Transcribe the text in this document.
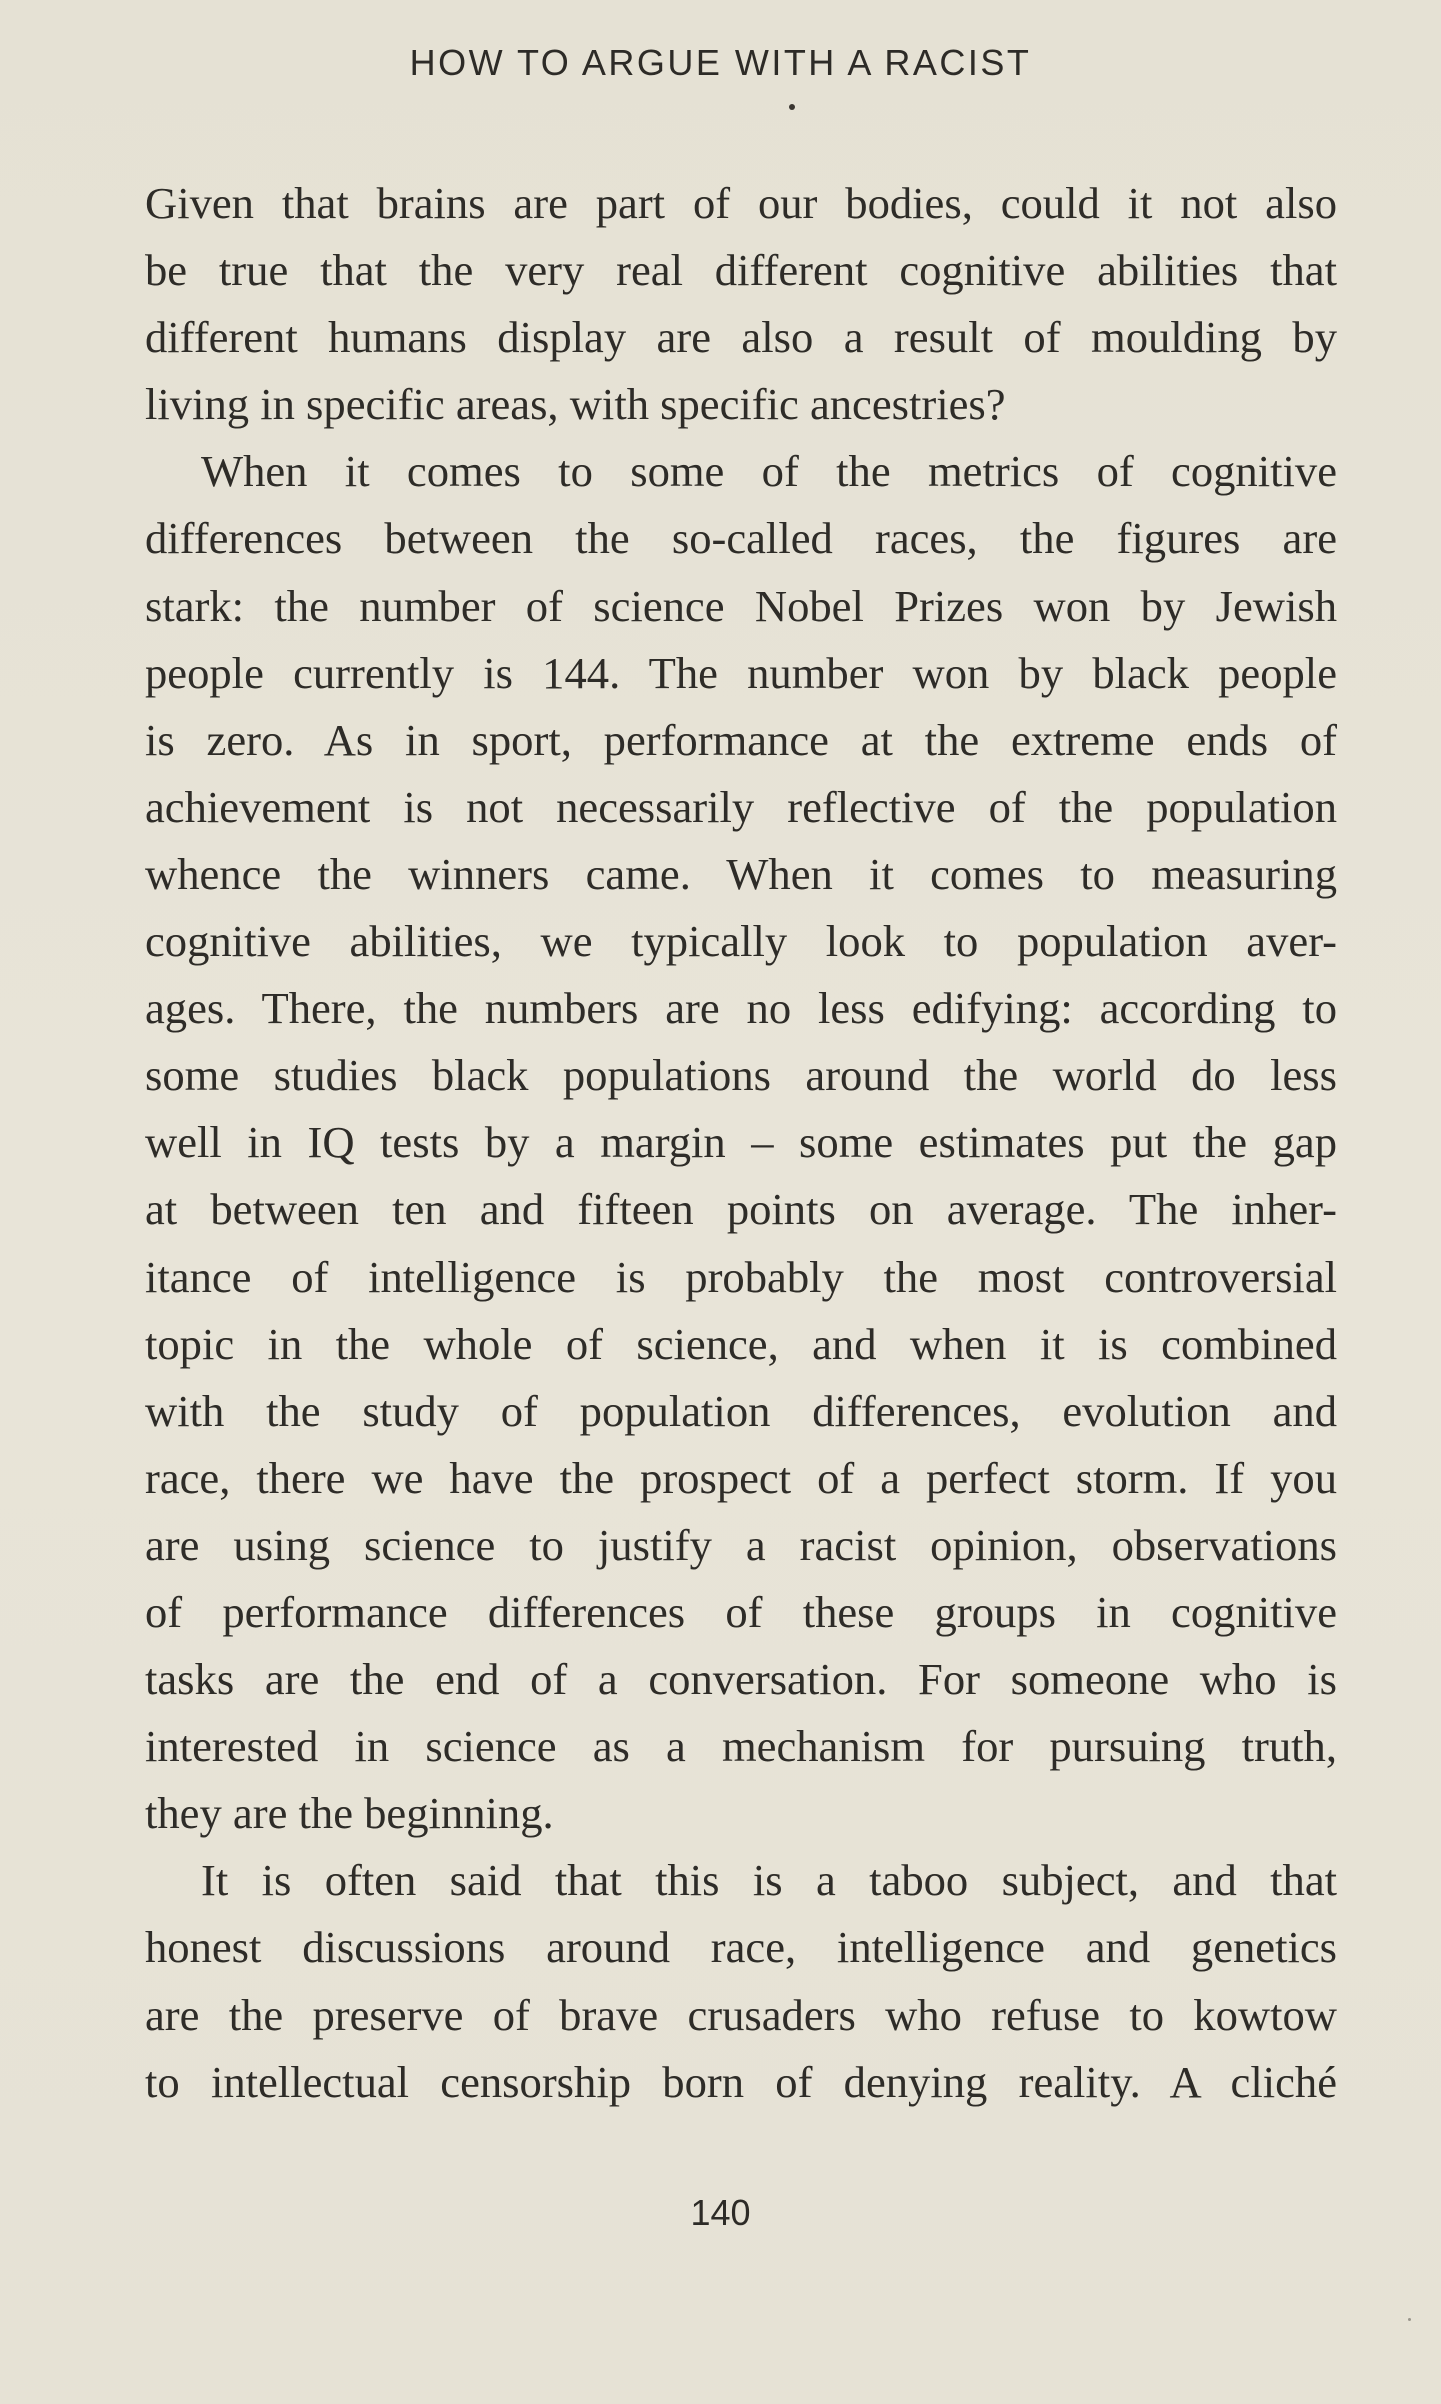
HOW TO ARGUE WITH A RACIST

Given that brains are part of our bodies, could it not also

be true that the very real different cognitive abilities that

different humans display are also a result of moulding by

living in specific areas, with specific ancestries?

When it comes to some of the metrics of cognitive

differences between the so-called races, the figures are

stark: the number of science Nobel Prizes won by Jewish

people currently is 144. The number won by black people

is zero. As in sport, performance at the extreme ends of

achievement is not necessarily reflective of the population

whence the winners came. When it comes to measuring

cognitive abilities, we typically look to population aver-

ages. There, the numbers are no less edifying: according to

some studies black populations around the world do less

well in IQ tests by a margin – some estimates put the gap

at between ten and fifteen points on average. The inher-

itance of intelligence is probably the most controversial

topic in the whole of science, and when it is combined

with the study of population differences, evolution and

race, there we have the prospect of a perfect storm. If you

are using science to justify a racist opinion, observations

of performance differences of these groups in cognitive

tasks are the end of a conversation. For someone who is

interested in science as a mechanism for pursuing truth,

they are the beginning.

It is often said that this is a taboo subject, and that

honest discussions around race, intelligence and genetics

are the preserve of brave crusaders who refuse to kowtow

to intellectual censorship born of denying reality. A cliché

140
